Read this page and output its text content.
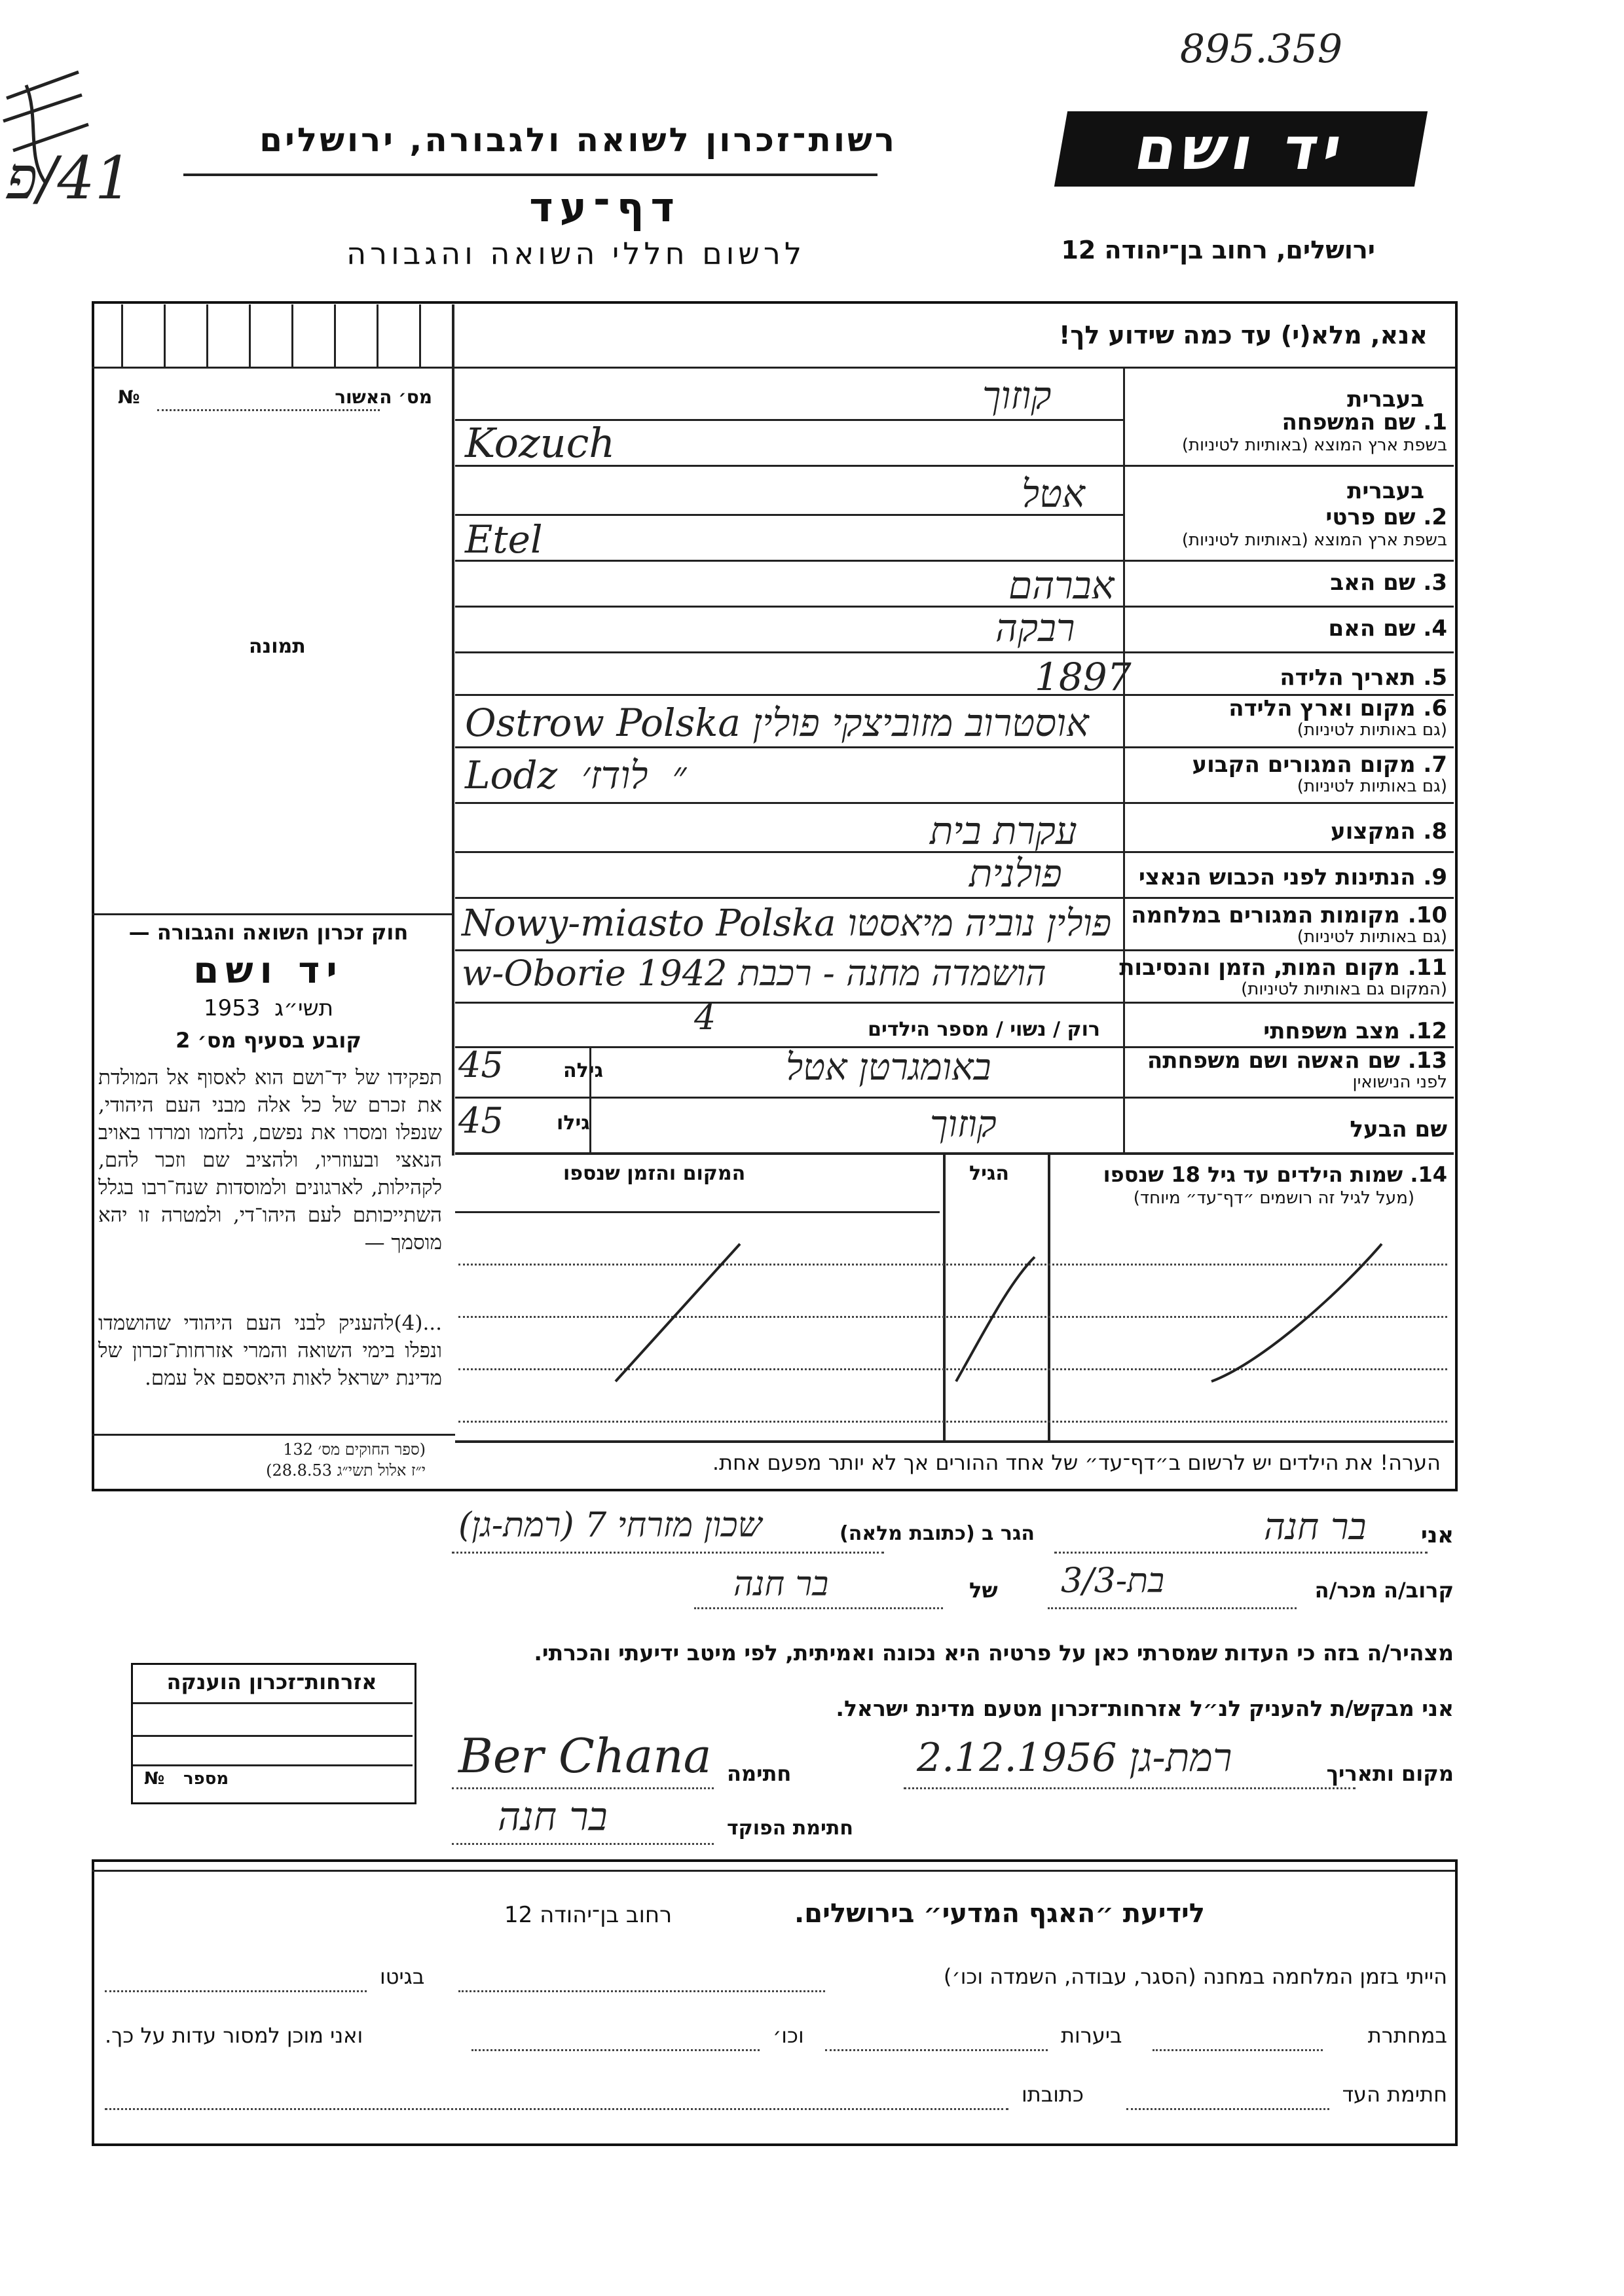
895.359
41/פ
רשות־זכרון לשואה ולגבורה, ירושלים
דף־עד
לרשום חללי השואה והגבורה
יד ושם
ירושלים, רחוב בן־יהודה 12
אנא, מלא(י) עד כמה שידוע לך!
מס׳ האשור
№
תמונה
בעברית
1. שם המשפחה
בשפת ארץ המוצא (באותיות לטיניות)
קוזוך
Kozuch
בעברית
2. שם פרטי
בשפת ארץ המוצא (באותיות לטיניות)
אטל
Etel
3. שם האב
אברהם
4. שם האם
רבקה
5. תאריך הלידה
1897
6. מקום וארץ הלידה
(גם באותיות לטיניות)
Ostrow Polska אוסטרוב מזוביצקי פולין
7. מקום המגורים הקבוע
(גם באותיות לטיניות)
Lodz  ״  לודז׳
8. המקצוע
עקרת בית
9. הנתינות לפני הכבוש הנאצי
פולנית
10. מקומות המגורים במלחמה
(גם באותיות לטיניות)
Nowy-miasto Polska פולין נוביה מיאסטו
11. מקום המות, הזמן והנסיבות
(המקום גם באותיות לטיניות)
w-Oborie 1942 הושמדה מחנה - רכבת
12. מצב משפחתי
רוק / נשוי / מספר הילדים
4
13. שם האשה ושם משפחתה
לפני הנישואין
באומגרטן אטל
גילה
45
שם הבעל
קוזוך
גילו
45
14. שמות הילדים עד גיל 18 שנספו
(מעל לגיל זה רושמים ״דף־עד״ מיוחד)
הגיל
המקום והזמן שנספו
הערה! את הילדים יש לרשום ב״דף־עד״ של אחד ההורים אך לא יותר מפעם אחת.
חוק זכרון השואה והגבורה —
יד ושם
1953 תשי״ג
קובע בסעיף מס׳ 2
תפקידו של יד־ושם הוא לאסוף אל המולדת את זכרם של כל אלה מבני העם היהודי, שנפלו ומסרו את נפשם, נלחמו ומרדו באויב הנאצי ובעוזריו, ולהציב שם וזכר להם, לקהילות, לארגונים ולמוסדות שנח־רבו בגלל השתייכותם לעם היהו־די, ולמטרה זו יהא מוסמך —
...(4)להעניק לבני העם היהודי שהושמדו ונפלו בימי השואה והמרי אזרחות־זכרון של מדינת ישראל לאות היאספם אל עמם.
(ספר החוקים מס׳ 132
י״ז אלול תשי״ג 28.8.53)
אני
בר חנה
הגר ב (כתובת מלאה)
שכון מזרחי 7 (רמת-גן)
קרוב/ה מכר/ה
בת-3/3
של
בר חנה
מצהיר/ה בזה כי העדות שמסרתי כאן על פרטיה היא נכונה ואמיתית, לפי מיטב ידיעתי והכרתי.
אזרחות־זכרון הוענקה
מספר
№
אני מבקש/ת להעניק לנ״ל אזרחות־זכרון מטעם מדינת ישראל.
מקום ותאריך
רמת-גן 2.12.1956
חתימה
Ber Chana
חתימת הפוקד
בר חנה
לידיעת ״האגף המדעי״ בירושלים.
רחוב בן־יהודה 12
הייתי בזמן המלחמה במחנה (הסגר, עבודה, השמדה וכו׳)
בגיטו
במחתרת
ביערות
וכו׳
ואני מוכן למסור עדות על כך.
חתימת העד
כתובתו
